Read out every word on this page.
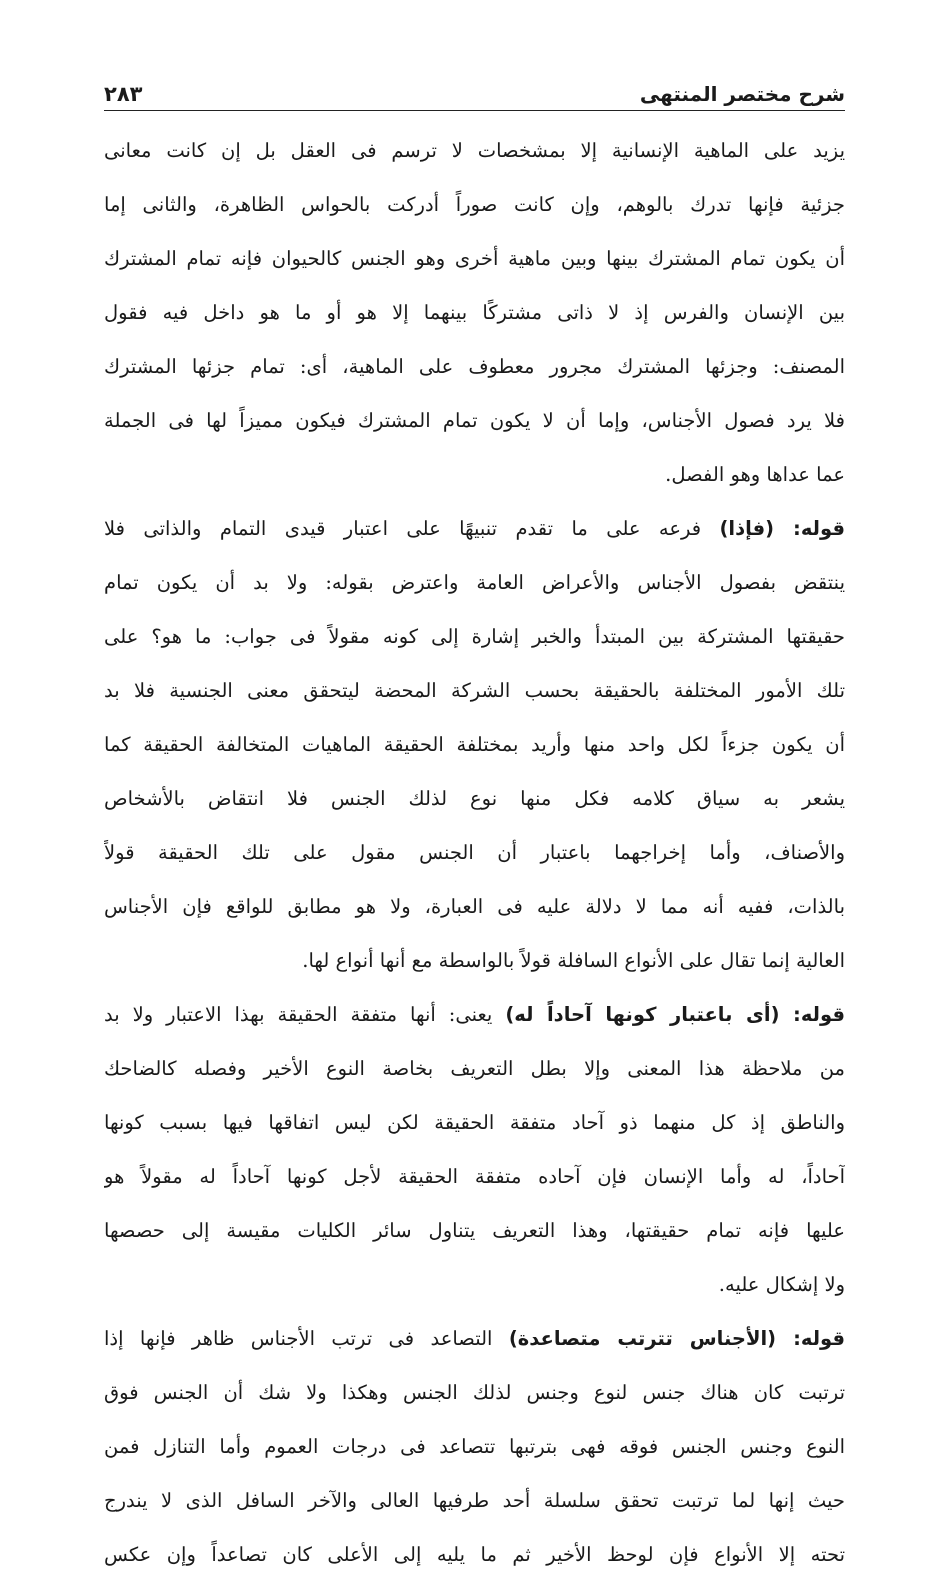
شرح مختصر المنتهى
٢٨٣
يزيد على الماهية الإنسانية إلا بمشخصات لا ترسم فى العقل بل إن كانت معانى
جزئية فإنها تدرك بالوهم، وإن كانت صوراً أدركت بالحواس الظاهرة، والثانى إما
أن يكون تمام المشترك بينها وبين ماهية أخرى وهو الجنس كالحيوان فإنه تمام المشترك
بين الإنسان والفرس إذ لا ذاتى مشتركًا بينهما إلا هو أو ما هو داخل فيه فقول
المصنف: وجزئها المشترك مجرور معطوف على الماهية، أى: تمام جزئها المشترك
فلا يرد فصول الأجناس، وإما أن لا يكون تمام المشترك فيكون مميزاً لها فى الجملة
عما عداها وهو الفصل.
قوله: (فإذا) فرعه على ما تقدم تنبيهًا على اعتبار قيدى التمام والذاتى فلا
ينتقض بفصول الأجناس والأعراض العامة واعترض بقوله: ولا بد أن يكون تمام
حقيقتها المشتركة بين المبتدأ والخبر إشارة إلى كونه مقولاً فى جواب: ما هو؟ على
تلك الأمور المختلفة بالحقيقة بحسب الشركة المحضة ليتحقق معنى الجنسية فلا بد
أن يكون جزءاً لكل واحد منها وأريد بمختلفة الحقيقة الماهيات المتخالفة الحقيقة كما
يشعر به سياق كلامه فكل منها نوع لذلك الجنس فلا انتقاض بالأشخاص
والأصناف، وأما إخراجهما باعتبار أن الجنس مقول على تلك الحقيقة قولاً
بالذات، ففيه أنه مما لا دلالة عليه فى العبارة، ولا هو مطابق للواقع فإن الأجناس
العالية إنما تقال على الأنواع السافلة قولاً بالواسطة مع أنها أنواع لها.
قوله: (أى باعتبار كونها آحاداً له) يعنى: أنها متفقة الحقيقة بهذا الاعتبار ولا بد
من ملاحظة هذا المعنى وإلا بطل التعريف بخاصة النوع الأخير وفصله كالضاحك
والناطق إذ كل منهما ذو آحاد متفقة الحقيقة لكن ليس اتفاقها فيها بسبب كونها
آحاداً، له وأما الإنسان فإن آحاده متفقة الحقيقة لأجل كونها آحاداً له مقولاً هو
عليها فإنه تمام حقيقتها، وهذا التعريف يتناول سائر الكليات مقيسة إلى حصصها
ولا إشكال عليه.
قوله: (الأجناس تترتب متصاعدة) التصاعد فى ترتب الأجناس ظاهر فإنها إذا
ترتبت كان هناك جنس لنوع وجنس لذلك الجنس وهكذا ولا شك أن الجنس فوق
النوع وجنس الجنس فوقه فهى بترتبها تتصاعد فى درجات العموم وأما التنازل فمن
حيث إنها لما ترتبت تحقق سلسلة أحد طرفيها العالى والآخر السافل الذى لا يندرج
تحته إلا الأنواع فإن لوحظ الأخير ثم ما يليه إلى الأعلى كان تصاعداً وإن عكس
